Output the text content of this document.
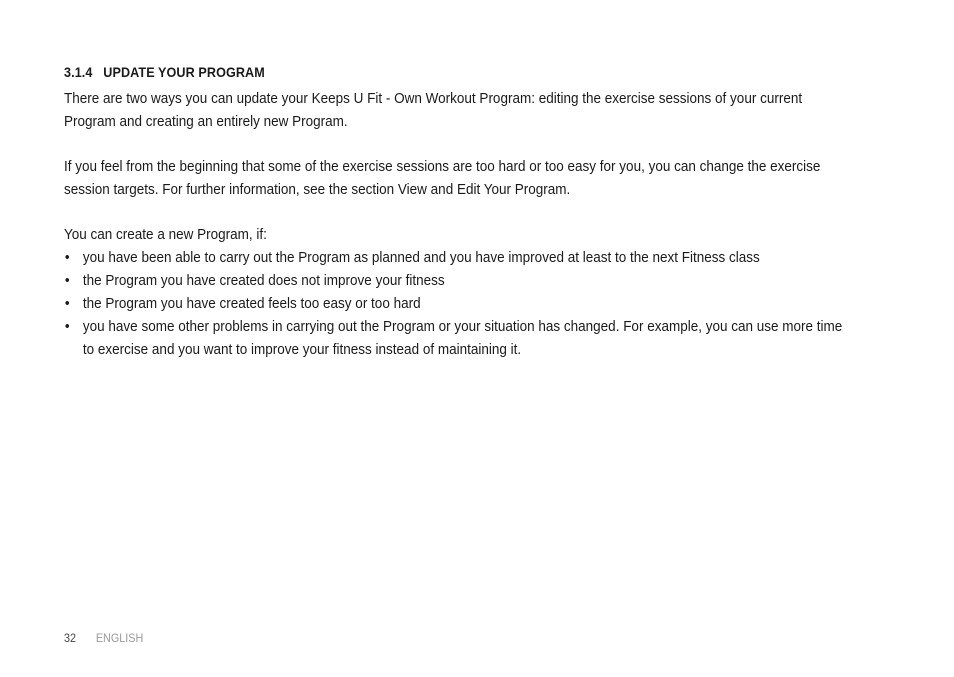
3.1.4 UPDATE YOUR PROGRAM

There are two ways you can update your Keeps U Fit - Own Workout Program: editing the exercise sessions of your current Program and creating an entirely new Program.

If you feel from the beginning that some of the exercise sessions are too hard or too easy for you, you can change the exercise session targets. For further information, see the section View and Edit Your Program.

You can create a new Program, if:

• you have been able to carry out the Program as planned and you have improved at least to the next Fitness class
• the Program you have created does not improve your fitness
• the Program you have created feels too easy or too hard
• you have some other problems in carrying out the Program or your situation has changed. For example, you can use more time to exercise and you want to improve your fitness instead of maintaining it.
32 ENGLISH
